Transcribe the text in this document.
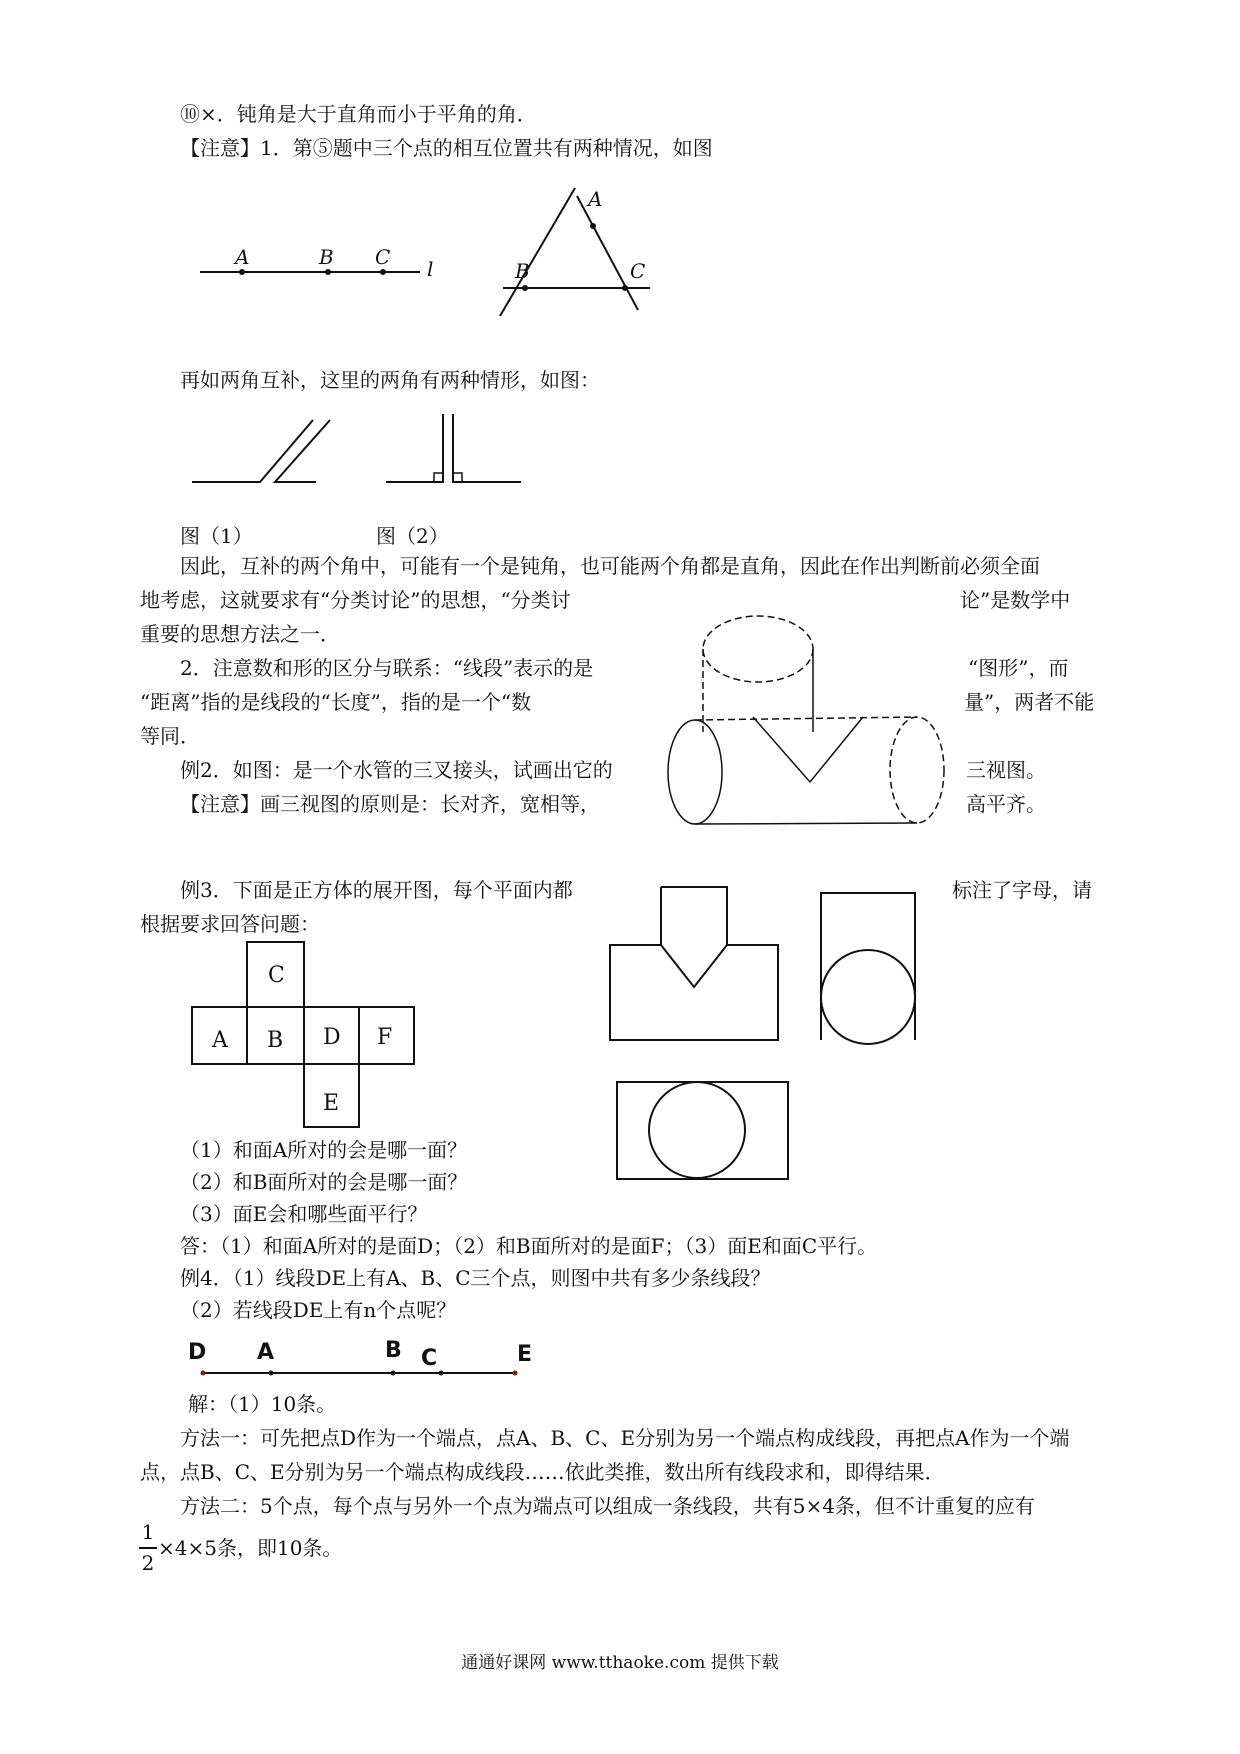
⑩×．钝角是大于直角而小于平角的角．
【注意】1．第⑤题中三个点的相互位置共有两种情况，如图
A	B C l
A
B	C
再如两角互补，这里的两角有两种情形，如图：
图（1）	图（2）
因此，互补的两个角中，可能有一个是钝角，也可能两个角都是直角，因此在作出判断前必须全面
地考虑，这就要求有“分类讨论”的思想，“分类讨	论”是数学中
重要的思想方法之一．
2．注意数和形的区分与联系：“线段”表示的是	“图形”，而
“距离”指的是线段的“长度”，指的是一个“数	量”，两者不能
等同．
例2．如图：是一个水管的三叉接头，试画出它的	三视图。
【注意】画三视图的原则是：长对齐，宽相等，	高平齐。
例3．下面是正方体的展开图，每个平面内都	标注了字母，请
根据要求回答问题：
C
A B D F
E
（1）和面A所对的会是哪一面？
（2）和B面所对的会是哪一面？
（3）面E会和哪些面平行？
答：（1）和面A所对的是面D；（2）和B面所对的是面F；（3）面E和面C平行。
例4．（1）线段DE上有A、B、C三个点，则图中共有多少条线段？
（2）若线段DE上有n个点呢？
D A	B C	E
解：（1）10条。
方法一：可先把点D作为一个端点，点A、B、C、E分别为另一个端点构成线段，再把点A作为一个端
点，点B、C、E分别为另一个端点构成线段……依此类推，数出所有线段求和，即得结果．
方法二：5个点，每个点与另外一个点为端点可以组成一条线段，共有5×4条，但不计重复的应有
1
2
×4×5条，即10条。
通通好课网 www.tthaoke.com 提供下载
